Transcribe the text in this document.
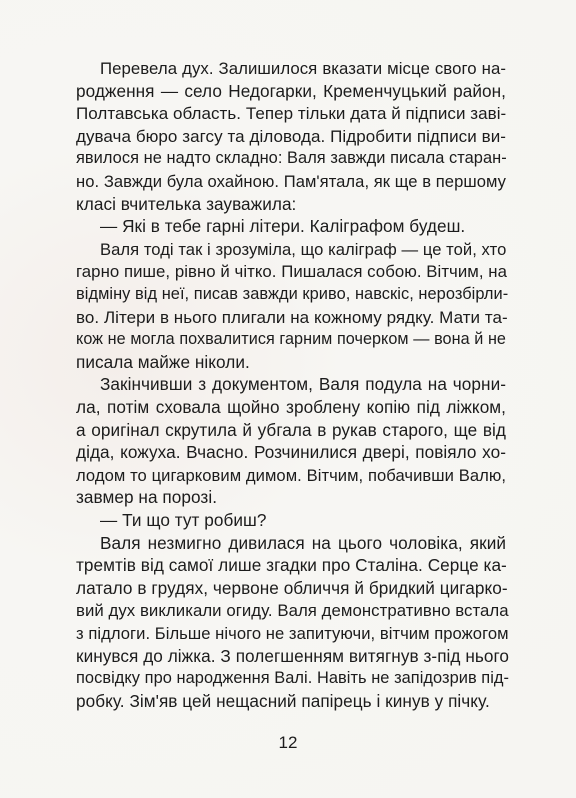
Перевела дух. Залишилося вказати місце свого на-
родження — село Недогарки, Кременчуцький район,
Полтавська область. Тепер тільки дата й підписи заві-
дувача бюро загсу та діловода. Підробити підписи ви-
явилося не надто складно: Валя завжди писала старан-
но. Завжди була охайною. Пам'ятала, як ще в першому
класі вчителька зауважила:
— Які в тебе гарні літери. Каліграфом будеш.
Валя тоді так і зрозуміла, що каліграф — це той, хто
гарно пише, рівно й чітко. Пишалася собою. Вітчим, на
відміну від неї, писав завжди криво, навскіс, нерозбірли-
во. Літери в нього плигали на кожному рядку. Мати та-
кож не могла похвалитися гарним почерком — вона й не
писала майже ніколи.
Закінчивши з документом, Валя подула на чорни-
ла, потім сховала щойно зроблену копію під ліжком,
а оригінал скрутила й убгала в рукав старого, ще від
діда, кожуха. Вчасно. Розчинилися двері, повіяло хо-
лодом то цигарковим димом. Вітчим, побачивши Валю,
завмер на порозі.
— Ти що тут робиш?
Валя незмигно дивилася на цього чоловіка, який
тремтів від самої лише згадки про Сталіна. Серце ка-
латало в грудях, червоне обличчя й бридкий цигарко-
вий дух викликали огиду. Валя демонстративно встала
з підлоги. Більше нічого не запитуючи, вітчим прожогом
кинувся до ліжка. З полегшенням витягнув з-під нього
посвідку про народження Валі. Навіть не запідозрив під-
робку. Зім'яв цей нещасний папірець і кинув у пічку.
12
